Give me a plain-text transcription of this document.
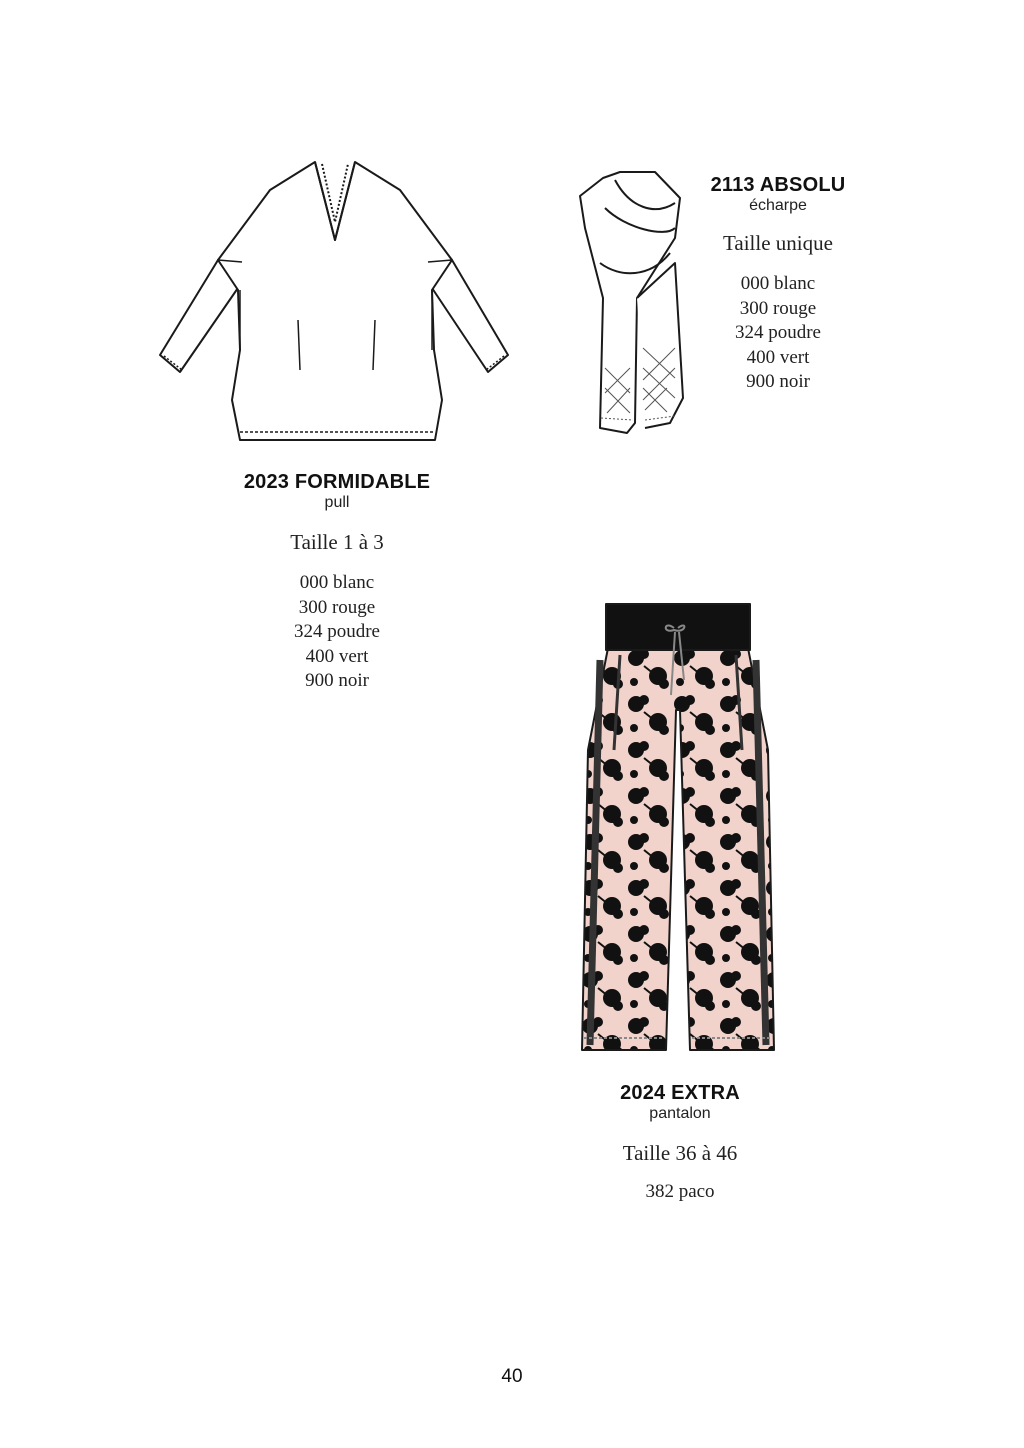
2023 FORMIDABLE
pull
Taille 1 à 3
000 blanc
300 rouge
324 poudre
400 vert
900 noir
2113 ABSOLU
écharpe
Taille unique
000 blanc
300 rouge
324 poudre
400 vert
900 noir
2024 EXTRA
pantalon
Taille 36 à 46
382 paco
40
